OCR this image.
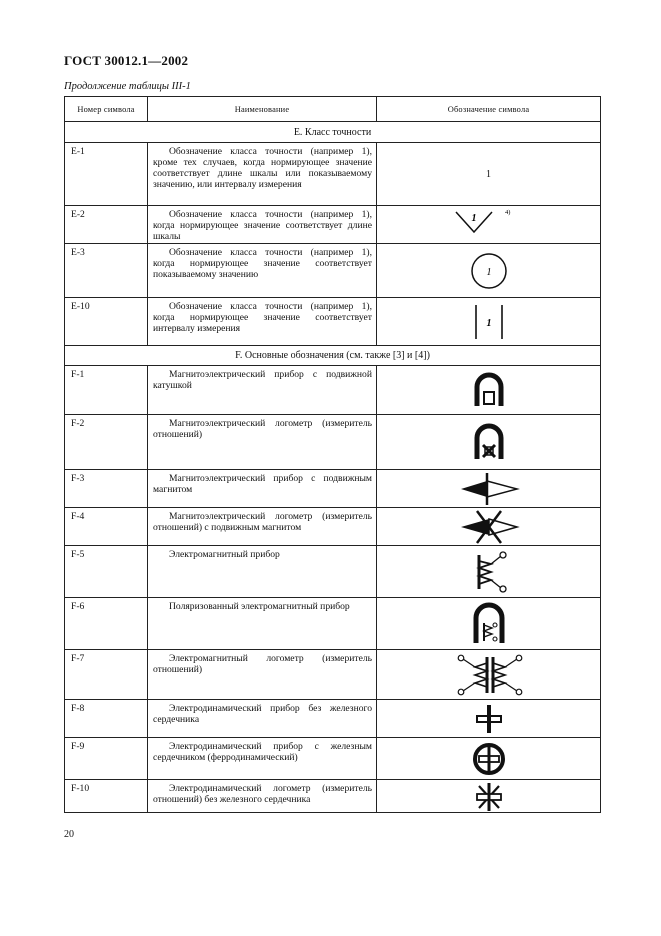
ГОСТ 30012.1—2002
Продолжение таблицы III-1
Номер символа	Наименование	Обозначение символа
E. Класс точности		
E-1	Обозначение класса точности (например 1), кроме тех случаев, когда нормирующее значение соответствует длине шкалы или показываемому значению, или интервалу измерения	1
E-2	Обозначение класса точности (например 1), когда нормирующее значение соответствует длине шкалы	1
4)

E-3	Обозначение класса точности (например 1), когда нормирующее значение соответствует показываемому значению	1

E-10	Обозначение класса точности (например 1), когда нормирующее значение соответствует интервалу измерения	1

F. Основные обозначения (см. также [3] и [4])		
F-1	Магнитоэлектрический прибор с подвижной катушкой	

F-2	Магнитоэлектрический логометр (измеритель отношений)	

F-3	Магнитоэлектрический прибор с подвижным магнитом	

F-4	Магнитоэлектрический логометр (измеритель отношений) с подвижным магнитом	

F-5	Электромагнитный прибор	

F-6	Поляризованный электромагнитный прибор	

F-7	Электромагнитный логометр (измеритель отношений)	

F-8	Электродинамический прибор без железного сердечника	

F-9	Электродинамический прибор с железным сердечником (ферродинамический)	

F-10	Электродинамический логометр (измеритель отношений) без железного сердечника	
20
